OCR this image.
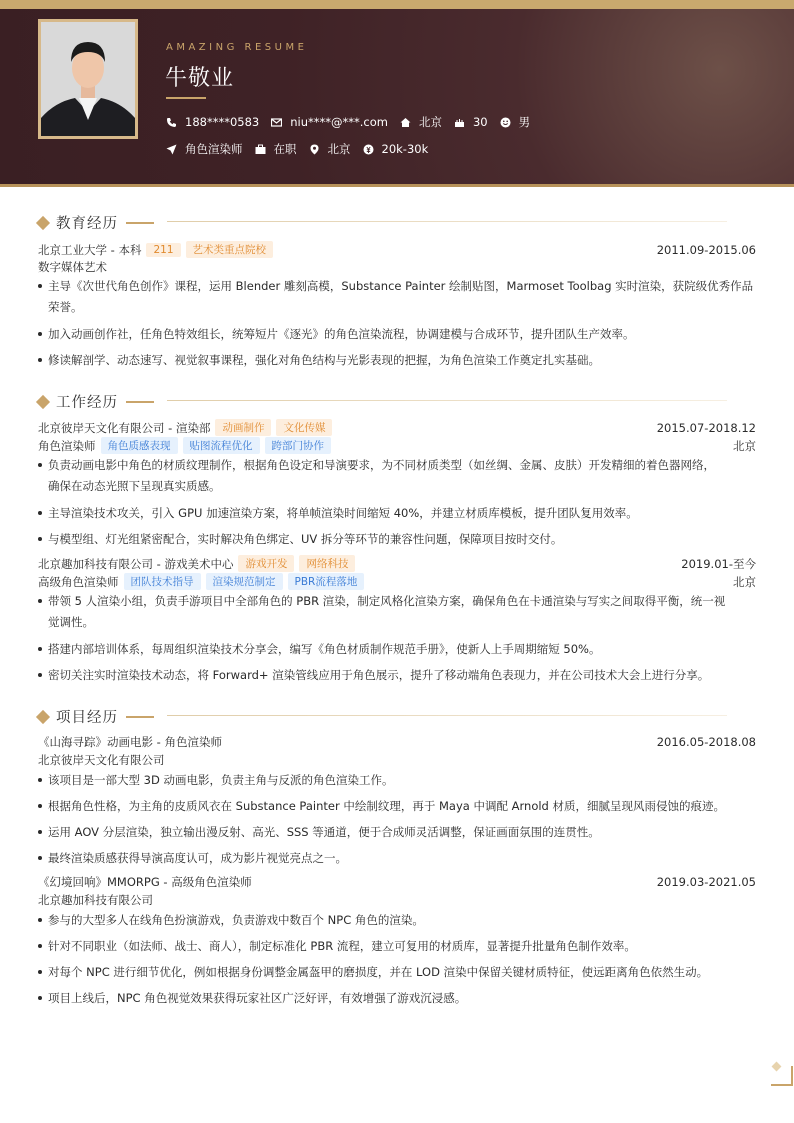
AMAZING RESUME
牛敬业
188****0583	niu****@***.com	北京	30	男
角色渲染师	在职	北京	20k-30k
教育经历
北京工业大学 - 本科	211	艺术类重点院校	2011.09-2015.06
数字媒体艺术
主导《次世代角色创作》课程，运用 Blender 雕刻高模，Substance Painter 绘制贴图，Marmoset Toolbag 实时渲染，获院级优秀作品
荣誉。
加入动画创作社，任角色特效组长，统筹短片《逐光》的角色渲染流程，协调建模与合成环节，提升团队生产效率。
修读解剖学、动态速写、视觉叙事课程，强化对角色结构与光影表现的把握，为角色渲染工作奠定扎实基础。
工作经历
北京彼岸天文化有限公司 - 渲染部	动画制作	文化传媒	2015.07-2018.12
角色渲染师	角色质感表现	贴图流程优化	跨部门协作	北京
负责动画电影中角色的材质纹理制作，根据角色设定和导演要求，为不同材质类型（如丝绸、金属、皮肤）开发精细的着色器网络，
确保在动态光照下呈现真实质感。
主导渲染技术攻关，引入 GPU 加速渲染方案，将单帧渲染时间缩短 40%，并建立材质库模板，提升团队复用效率。
与模型组、灯光组紧密配合，实时解决角色绑定、UV 拆分等环节的兼容性问题，保障项目按时交付。
北京趣加科技有限公司 - 游戏美术中心	游戏开发	网络科技	2019.01-至今
高级角色渲染师	团队技术指导	渲染规范制定	PBR流程落地	北京
带领 5 人渲染小组，负责手游项目中全部角色的 PBR 渲染，制定风格化渲染方案，确保角色在卡通渲染与写实之间取得平衡，统一视
觉调性。
搭建内部培训体系，每周组织渲染技术分享会，编写《角色材质制作规范手册》，使新人上手周期缩短 50%。
密切关注实时渲染技术动态，将 Forward+ 渲染管线应用于角色展示，提升了移动端角色表现力，并在公司技术大会上进行分享。
项目经历
《山海寻踪》动画电影 - 角色渲染师	2016.05-2018.08
北京彼岸天文化有限公司
该项目是一部大型 3D 动画电影，负责主角与反派的角色渲染工作。
根据角色性格，为主角的皮质风衣在 Substance Painter 中绘制纹理，再于 Maya 中调配 Arnold 材质，细腻呈现风雨侵蚀的痕迹。
运用 AOV 分层渲染，独立输出漫反射、高光、SSS 等通道，便于合成师灵活调整，保证画面氛围的连贯性。
最终渲染质感获得导演高度认可，成为影片视觉亮点之一。
《幻境回响》MMORPG - 高级角色渲染师	2019.03-2021.05
北京趣加科技有限公司
参与的大型多人在线角色扮演游戏，负责游戏中数百个 NPC 角色的渲染。
针对不同职业（如法师、战士、商人），制定标准化 PBR 流程，建立可复用的材质库，显著提升批量角色制作效率。
对每个 NPC 进行细节优化，例如根据身份调整金属盔甲的磨损度，并在 LOD 渲染中保留关键材质特征，使远距离角色依然生动。
项目上线后，NPC 角色视觉效果获得玩家社区广泛好评，有效增强了游戏沉浸感。
